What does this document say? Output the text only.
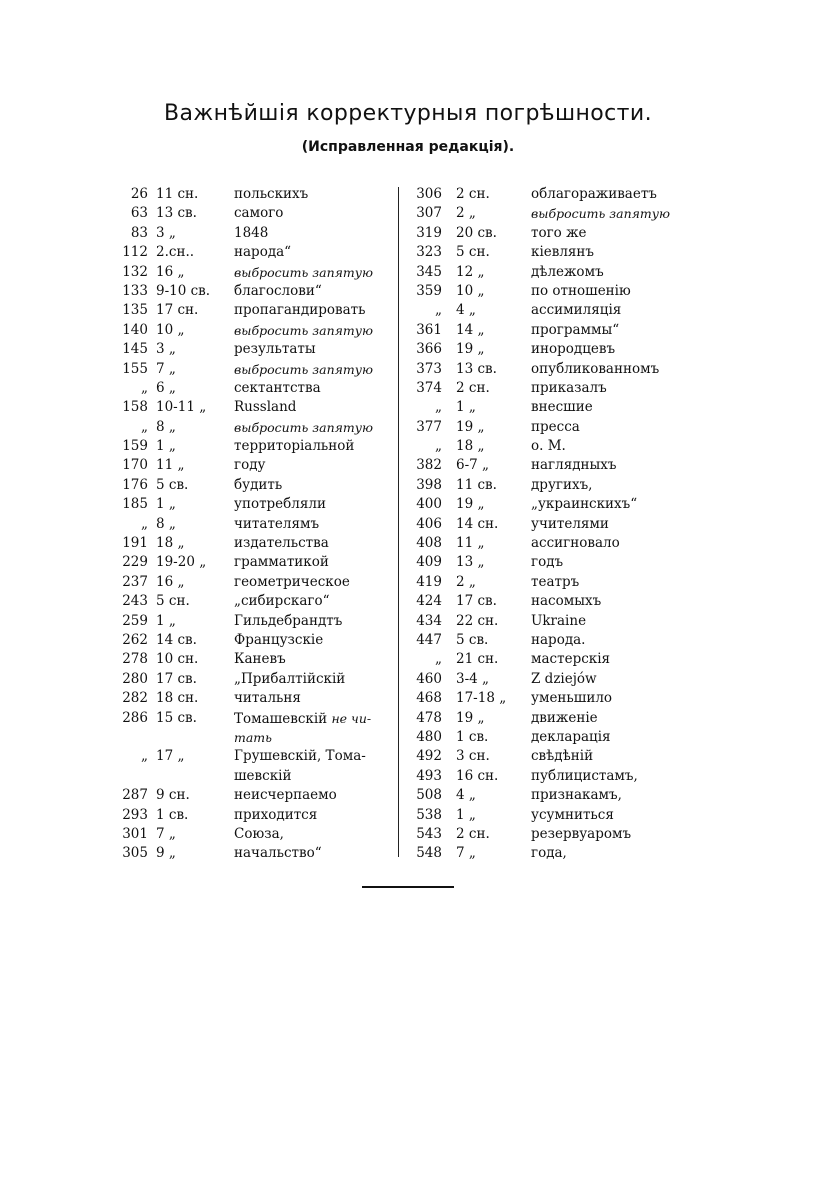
Важнѣйшія корректурныя погрѣшности.
(Исправленная редакція).
26 11 сн.	польскихъ
63 13 св.	самого
83 3 „	1848
112 2.сн..	народа“
132 16 „	выбросить запятую
133 9-10 св.	благослови“
135 17 сн.	пропагандировать
140 10 „	выбросить запятую
145 3 „	результаты
155 7 „	выбросить запятую
„ 6 „	сектантства
158 10-11 „	Russland
„ 8 „	выбросить запятую
159 1 „	территоріальной
170 11 „	году
176 5 св.	будить
185 1 „	употребляли
„ 8 „	читателямъ
191 18 „	издательства
229 19-20 „	грамматикой
237 16 „	геометрическое
243 5 сн.	„сибирскаго“
259 1 „	Гильдебрандтъ
262 14 св.	Французскіе
278 10 сн.	Каневъ
280 17 св.	„Прибалтійскій
282 18 сн.	читальня
286 15 св.	Томашевскій не чи-
тать
„ 17 „	Грушевскій, Тома-
шевскій
287 9 сн.	неисчерпаемо
293 1 св.	приходится
301 7 „	Союза,
305 9 „	начальство“
306 2 сн.	облагораживаетъ
307 2 „	выбросить запятую
319 20 св.	того же
323 5 сн.	кіевлянъ
345 12 „	дѣлежомъ
359 10 „	по отношенію
„ 4 „	ассимиляція
361 14 „	программы“
366 19 „	инородцевъ
373 13 св.	опубликованномъ
374 2 сн.	приказалъ
„ 1 „	внесшие
377 19 „	пресса
„ 18 „	о. М.
382 6-7 „	наглядныхъ
398 11 св.	другихъ,
400 19 „	„украинскихъ“
406 14 сн.	учителями
408 11 „	ассигновало
409 13 „	годъ
419 2 „	театръ
424 17 св.	насомыхъ
434 22 сн.	Ukraine
447 5 св.	народа.
„ 21 сн.	мастерскія
460 3-4 „	Z dziejów
468 17-18 „	уменьшило
478 19 „	движеніе
480 1 св.	декларація
492 3 сн.	свѣдѣній
493 16 сн.	публицистамъ,
508 4 „	признакамъ,
538 1 „	усумниться
543 2 сн.	резервуаромъ
548 7 „	года,
